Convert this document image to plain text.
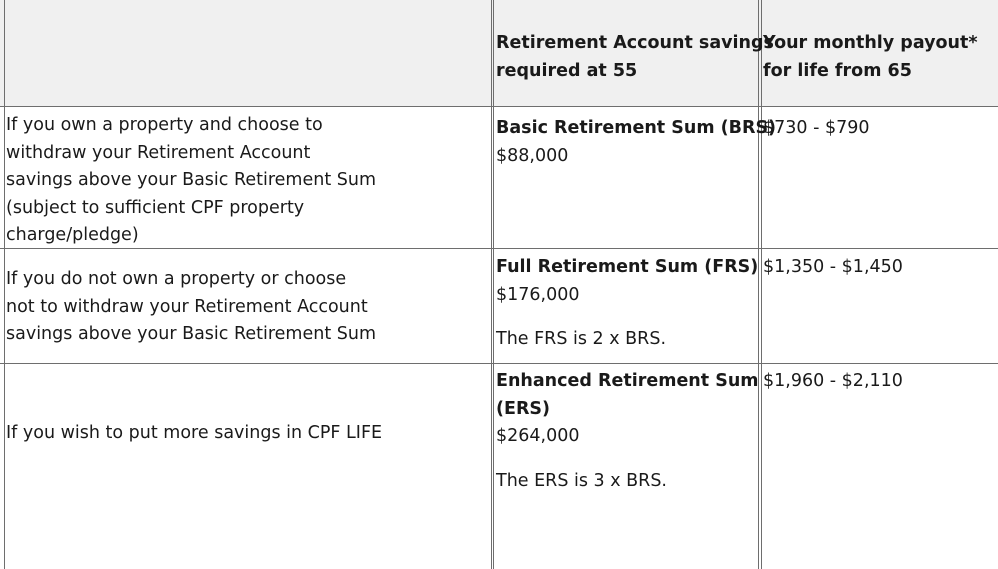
Retirement Account savings
required at 55
Your monthly payout*
for life from 65
If you own a property and choose to
withdraw your Retirement Account
savings above your Basic Retirement Sum
(subject to sufficient CPF property
charge/pledge)
Basic Retirement Sum (BRS)
$88,000
$730 - $790
If you do not own a property or choose
not to withdraw your Retirement Account
savings above your Basic Retirement Sum
Full Retirement Sum (FRS)
$176,000
The FRS is 2 x BRS.
$1,350 - $1,450
If you wish to put more savings in CPF LIFE
Enhanced Retirement Sum
(ERS)
$264,000
The ERS is 3 x BRS.
$1,960 - $2,110
